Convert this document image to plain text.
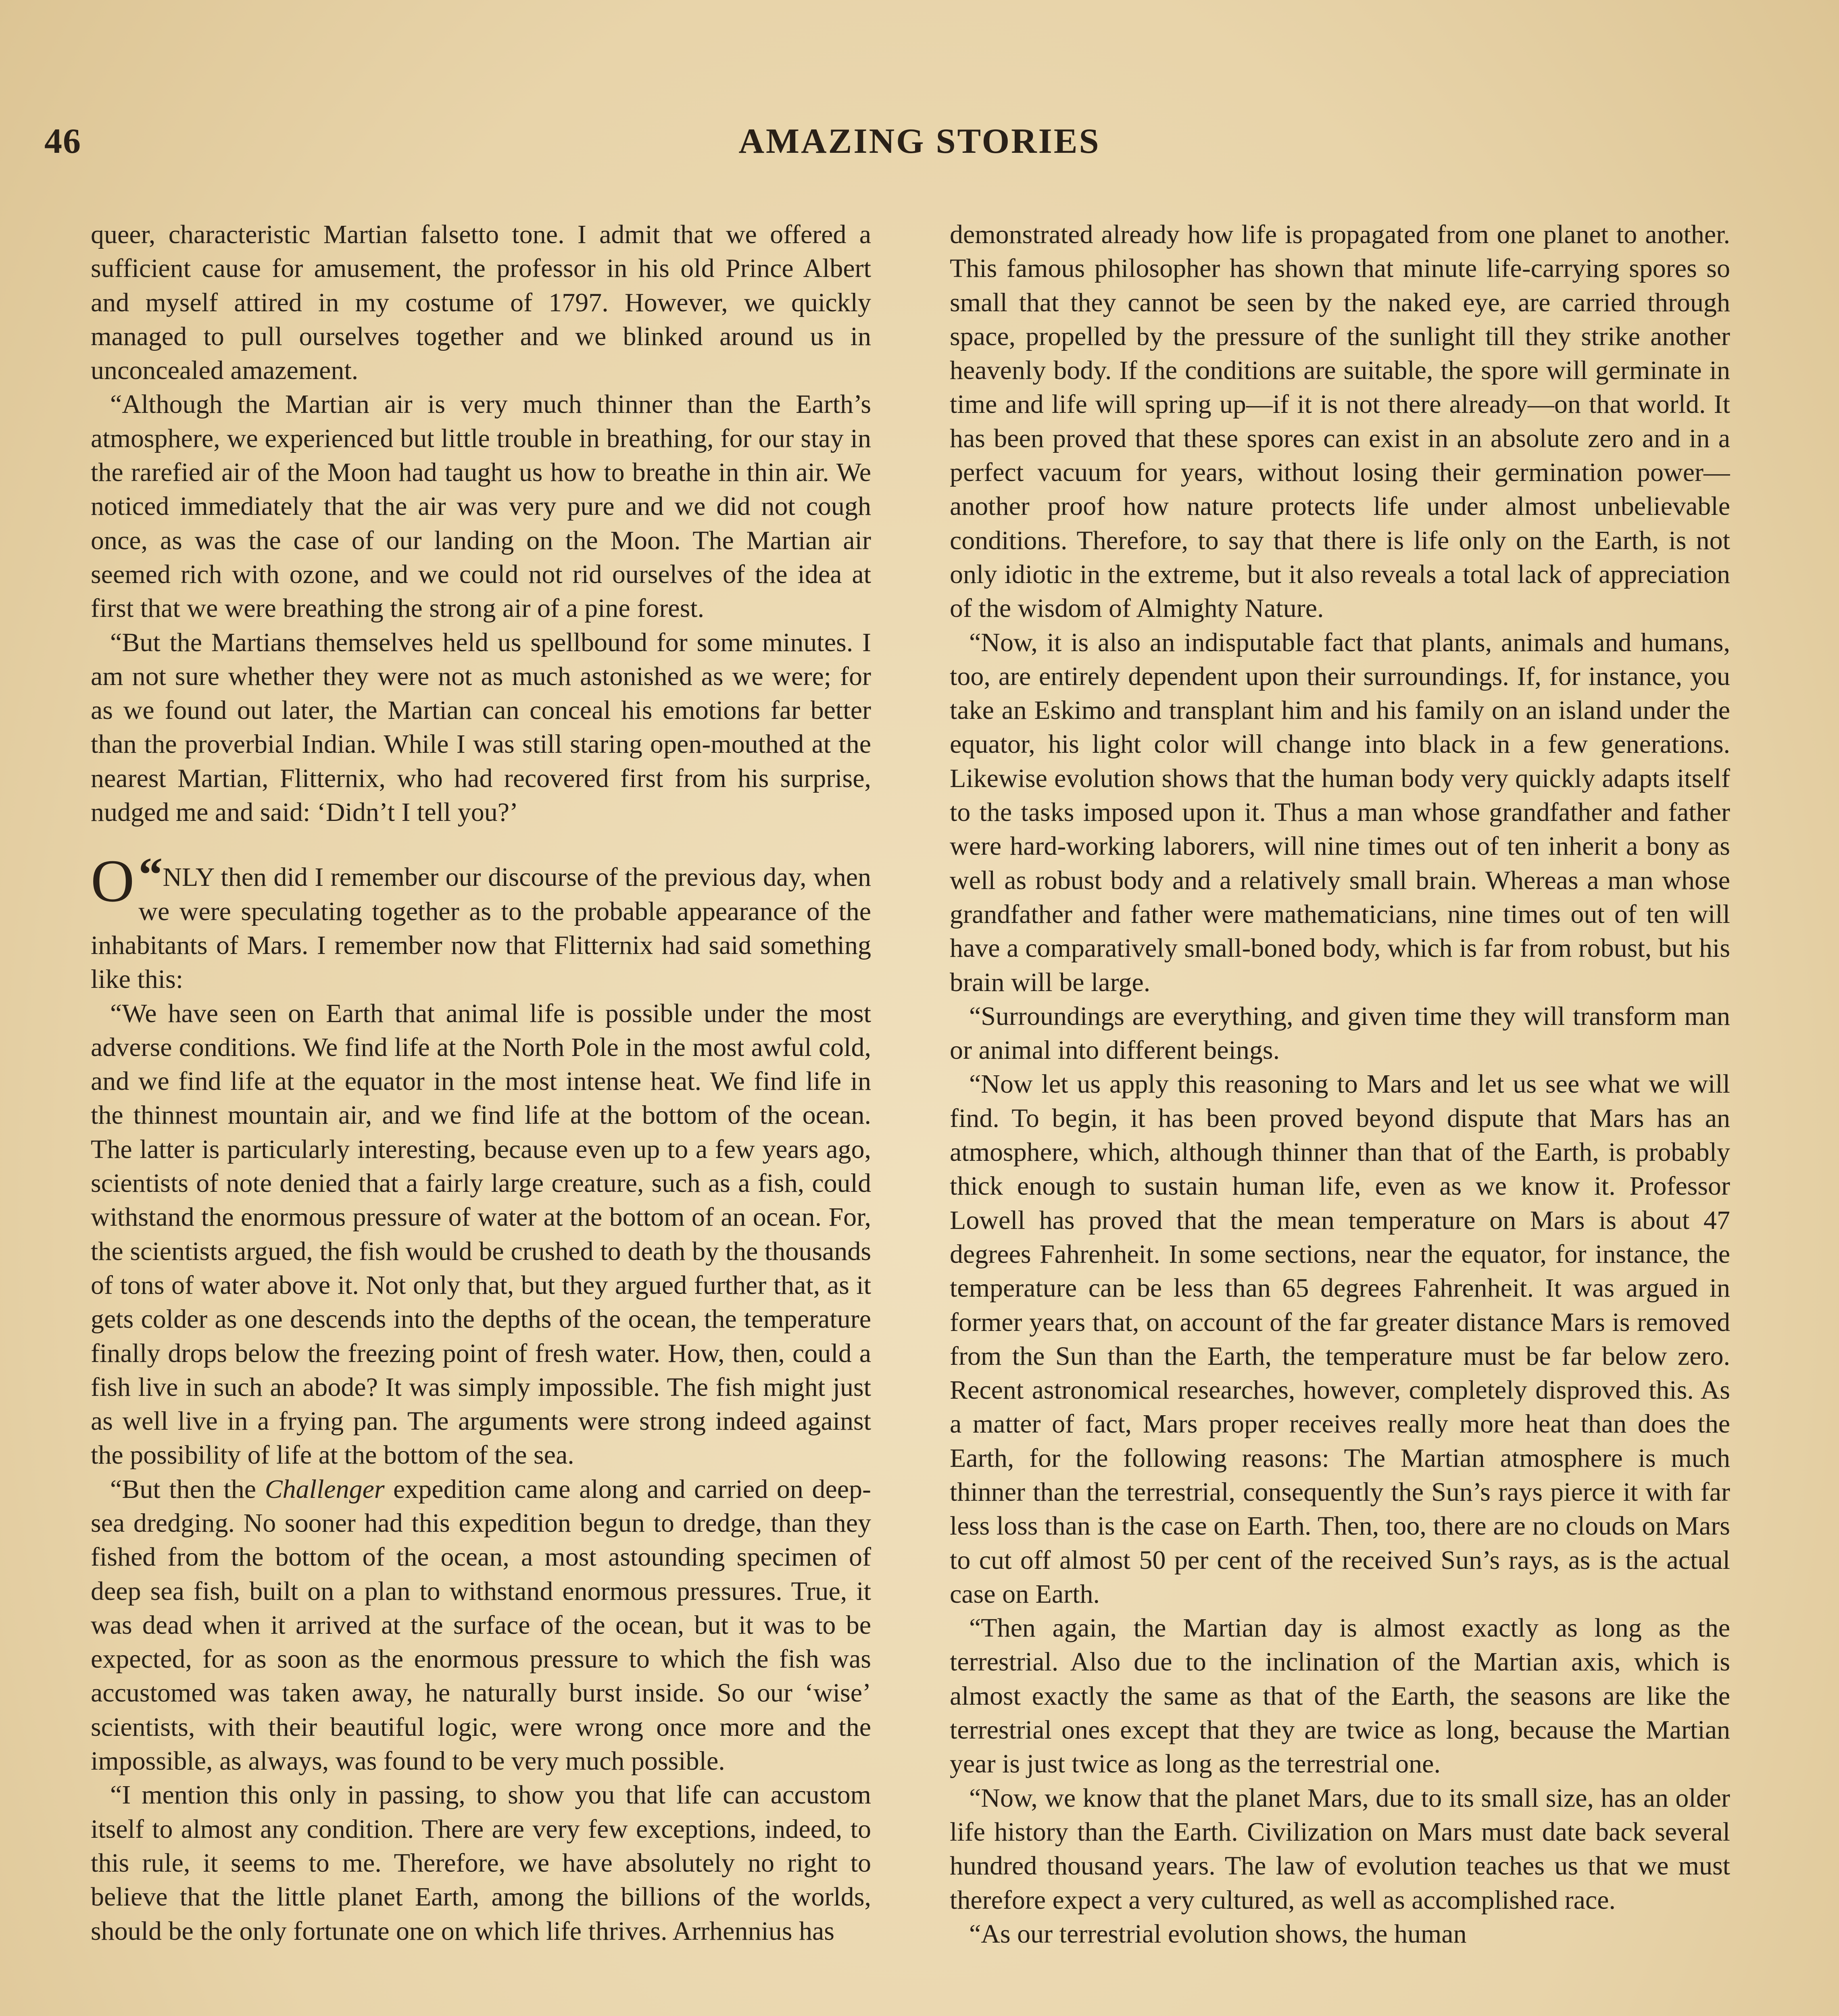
46	AMAZING STORIES

queer, characteristic Martian falsetto tone. I admit that we offered a sufficient cause for amusement, the professor in his old Prince Albert and myself attired in my costume of 1797. However, we quickly managed to pull ourselves together and we blinked around us in unconcealed amazement.

“Although the Martian air is very much thinner than the Earth’s atmosphere, we experienced but little trouble in breathing, for our stay in the rarefied air of the Moon had taught us how to breathe in thin air. We noticed immediately that the air was very pure and we did not cough once, as was the case of our landing on the Moon. The Martian air seemed rich with ozone, and we could not rid ourselves of the idea at first that we were breathing the strong air of a pine forest.

“But the Martians themselves held us spellbound for some minutes. I am not sure whether they were not as much astonished as we were; for as we found out later, the Martian can conceal his emotions far better than the proverbial Indian. While I was still staring open-mouthed at the nearest Martian, Flitternix, who had recovered first from his surprise, nudged me and said: ‘Didn’t I tell you?’

“
O NLY then did I remember our discourse of the previous day, when we were speculating together as to the probable appearance of the inhabitants of Mars. I remember now that Flitternix had said something like this:

“We have seen on Earth that animal life is possible under the most adverse conditions. We find life at the North Pole in the most awful cold, and we find life at the equator in the most intense heat. We find life in the thinnest mountain air, and we find life at the bottom of the ocean. The latter is particularly interesting, because even up to a few years ago, scientists of note denied that a fairly large creature, such as a fish, could withstand the enormous pressure of water at the bottom of an ocean. For, the scientists argued, the fish would be crushed to death by the thousands of tons of water above it. Not only that, but they argued further that, as it gets colder as one descends into the depths of the ocean, the temperature finally drops below the freezing point of fresh water. How, then, could a fish live in such an abode? It was simply impossible. The fish might just as well live in a frying pan. The arguments were strong indeed against the possibility of life at the bottom of the sea.

“But then the Challenger expedition came along and carried on deep-sea dredging. No sooner had this expedition begun to dredge, than they fished from the bottom of the ocean, a most astounding specimen of deep sea fish, built on a plan to withstand enormous pressures. True, it was dead when it arrived at the surface of the ocean, but it was to be expected, for as soon as the enormous pressure to which the fish was accustomed was taken away, he naturally burst inside. So our ‘wise’ scientists, with their beautiful logic, were wrong once more and the impossible, as always, was found to be very much possible.

“I mention this only in passing, to show you that life can accustom itself to almost any condition. There are very few exceptions, indeed, to this rule, it seems to me. Therefore, we have absolutely no right to believe that the little planet Earth, among the billions of the worlds, should be the only fortunate one on which life thrives. Arrhennius has

demonstrated already how life is propagated from one planet to another. This famous philosopher has shown that minute life-carrying spores so small that they cannot be seen by the naked eye, are carried through space, propelled by the pressure of the sunlight till they strike another heavenly body. If the conditions are suitable, the spore will germinate in time and life will spring up—if it is not there already—on that world. It has been proved that these spores can exist in an absolute zero and in a perfect vacuum for years, without losing their germination power—another proof how nature protects life under almost unbelievable conditions. Therefore, to say that there is life only on the Earth, is not only idiotic in the extreme, but it also reveals a total lack of appreciation of the wisdom of Almighty Nature.

“Now, it is also an indisputable fact that plants, animals and humans, too, are entirely dependent upon their surroundings. If, for instance, you take an Eskimo and transplant him and his family on an island under the equator, his light color will change into black in a few generations. Likewise evolution shows that the human body very quickly adapts itself to the tasks imposed upon it. Thus a man whose grandfather and father were hard-working laborers, will nine times out of ten inherit a bony as well as robust body and a relatively small brain. Whereas a man whose grandfather and father were mathematicians, nine times out of ten will have a comparatively small-boned body, which is far from robust, but his brain will be large.

“Surroundings are everything, and given time they will transform man or animal into different beings.

“Now let us apply this reasoning to Mars and let us see what we will find. To begin, it has been proved beyond dispute that Mars has an atmosphere, which, although thinner than that of the Earth, is probably thick enough to sustain human life, even as we know it. Professor Lowell has proved that the mean temperature on Mars is about 47 degrees Fahrenheit. In some sections, near the equator, for instance, the temperature can be less than 65 degrees Fahrenheit. It was argued in former years that, on account of the far greater distance Mars is removed from the Sun than the Earth, the temperature must be far below zero. Recent astronomical researches, however, completely disproved this. As a matter of fact, Mars proper receives really more heat than does the Earth, for the following reasons: The Martian atmosphere is much thinner than the terrestrial, consequently the Sun’s rays pierce it with far less loss than is the case on Earth. Then, too, there are no clouds on Mars to cut off almost 50 per cent of the received Sun’s rays, as is the actual case on Earth.

“Then again, the Martian day is almost exactly as long as the terrestrial. Also due to the inclination of the Martian axis, which is almost exactly the same as that of the Earth, the seasons are like the terrestrial ones except that they are twice as long, because the Martian year is just twice as long as the terrestrial one.

“Now, we know that the planet Mars, due to its small size, has an older life history than the Earth. Civilization on Mars must date back several hundred thousand years. The law of evolution teaches us that we must therefore expect a very cultured, as well as accomplished race.

“As our terrestrial evolution shows, the human
